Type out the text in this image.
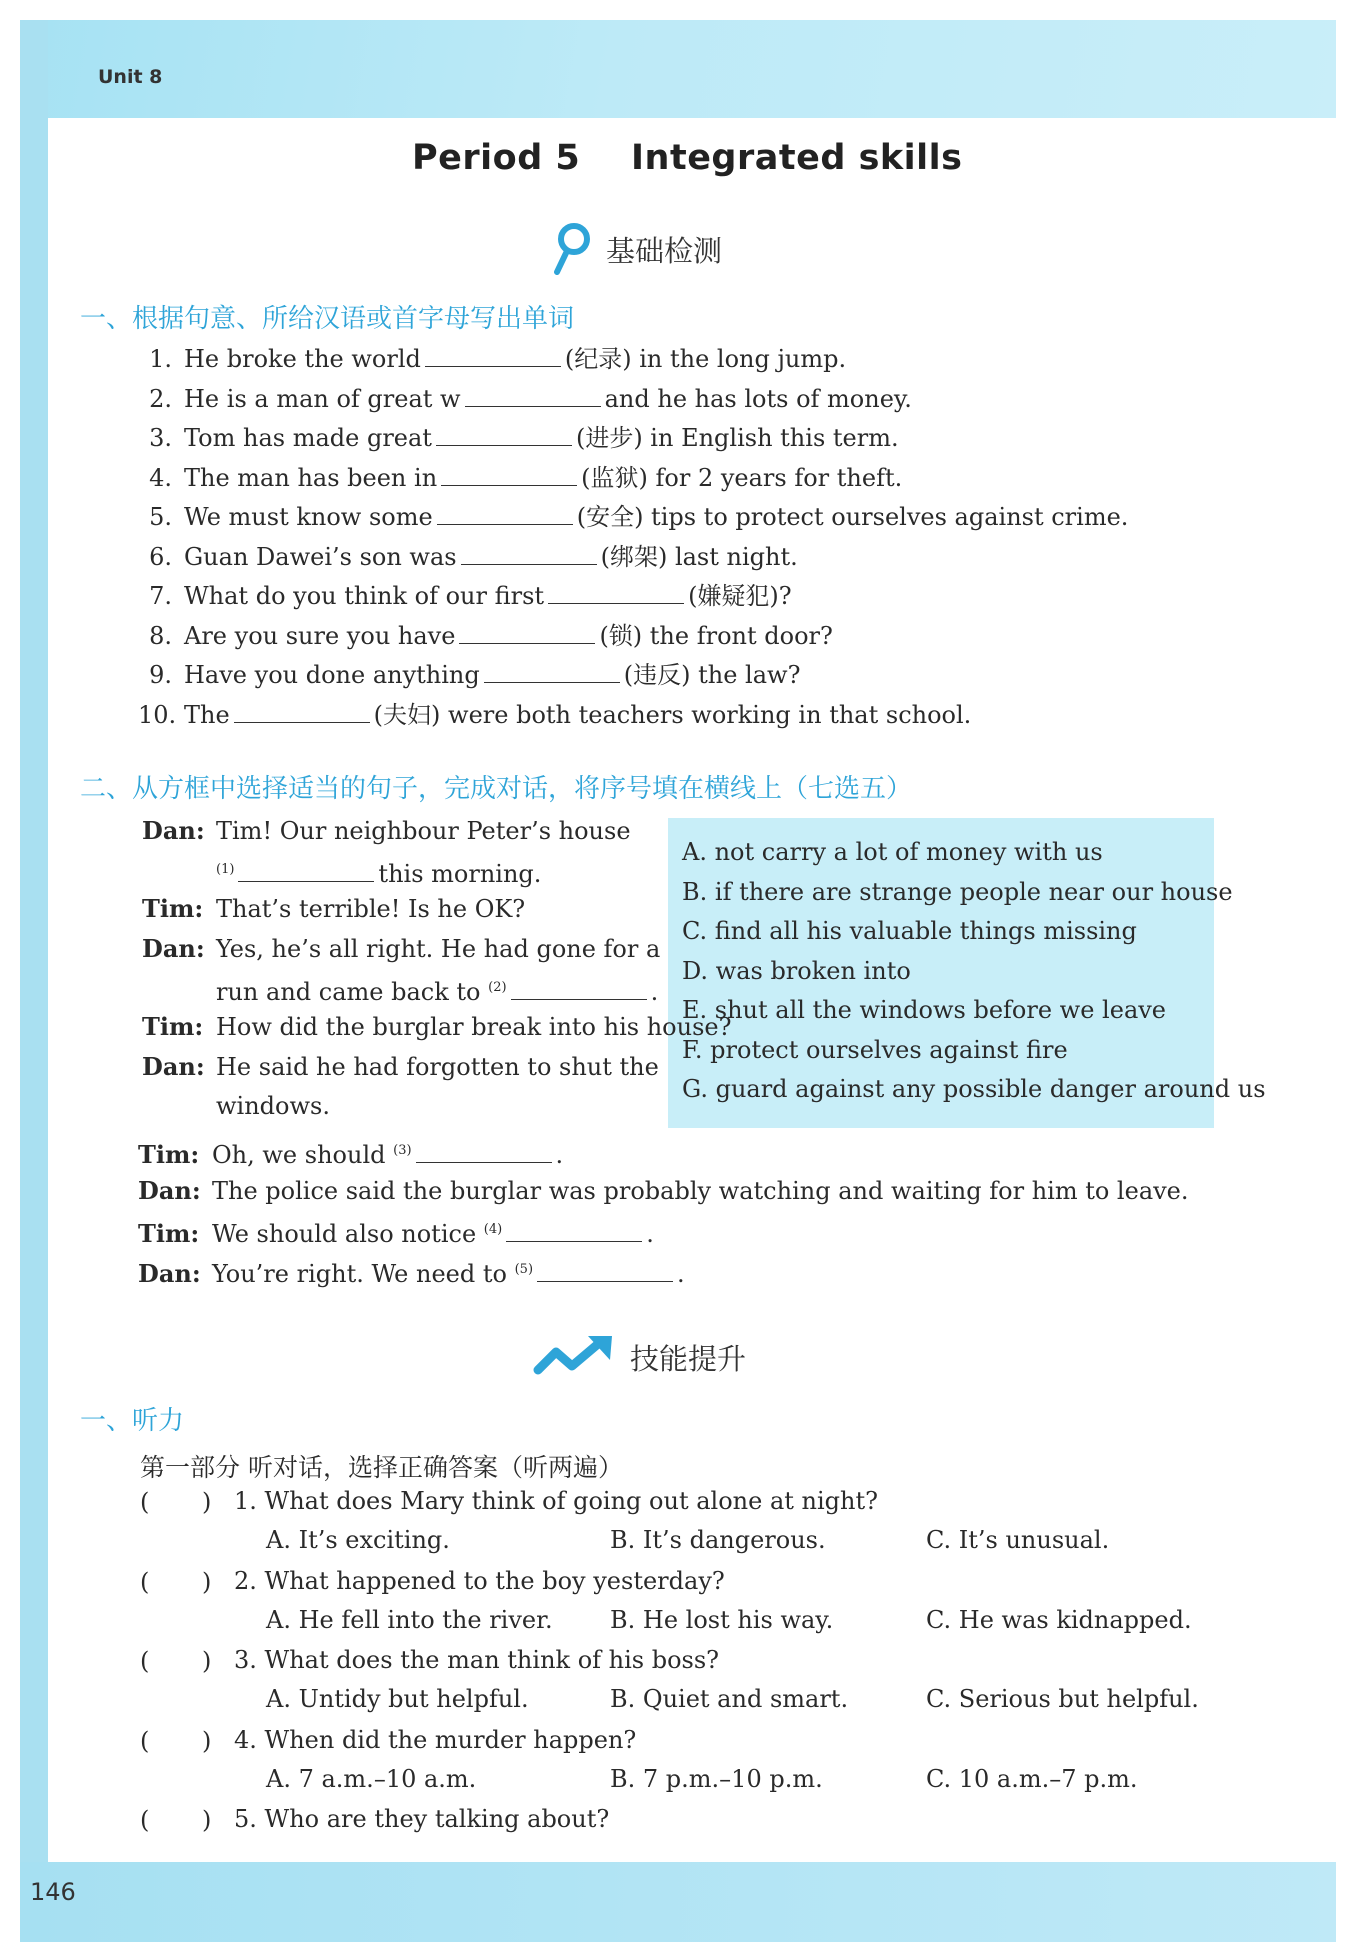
Unit 8
146
Period 5    Integrated skills
基础检测
一、根据句意、所给汉语或首字母写出单词
1. He broke the world	(纪录) in the long jump.
2. He is a man of great w	and he has lots of money.
3. Tom has made great	(进步) in English this term.
4. The man has been in	(监狱) for 2 years for theft.
5. We must know some	(安全) tips to protect ourselves against crime.
6. Guan Dawei’s son was	(绑架) last night.
7. What do you think of our first	(嫌疑犯)?
8. Are you sure you have	(锁) the front door?
9. Have you done anything	(违反) the law?
10. The	(夫妇) were both teachers working in that school.
二、从方框中选择适当的句子，完成对话，将序号填在横线上（七选五）
A. not carry a lot of money with us
B. if there are strange people near our house
C. find all his valuable things missing
D. was broken into
E. shut all the windows before we leave
F. protect ourselves against fire
G. guard against any possible danger around us
Dan: Tim! Our neighbour Peter’s house
$^{(1)}$	this morning.
Tim: That’s terrible! Is he OK?
Dan: Yes, he’s all right. He had gone for a
run and came back to $^{(2)}$	.
Tim: How did the burglar break into his house?
Dan: He said he had forgotten to shut the
windows.
Tim: Oh, we should $^{(3)}$	.
Dan: The police said the burglar was probably watching and waiting for him to leave.
Tim: We should also notice $^{(4)}$	.
Dan: You’re right. We need to $^{(5)}$	.
技能提升
一、听力
第一部分 听对话，选择正确答案（听两遍）
( ) 1. What does Mary think of going out alone at night?
A. It’s exciting.	B. It’s dangerous.	C. It’s unusual.
( ) 2. What happened to the boy yesterday?
A. He fell into the river. B. He lost his way.	C. He was kidnapped.
( ) 3. What does the man think of his boss?
A. Untidy but helpful.	B. Quiet and smart.	C. Serious but helpful.
( ) 4. When did the murder happen?
A. 7 a.m.–10 a.m.	B. 7 p.m.–10 p.m.	C. 10 a.m.–7 p.m.
( ) 5. Who are they talking about?
